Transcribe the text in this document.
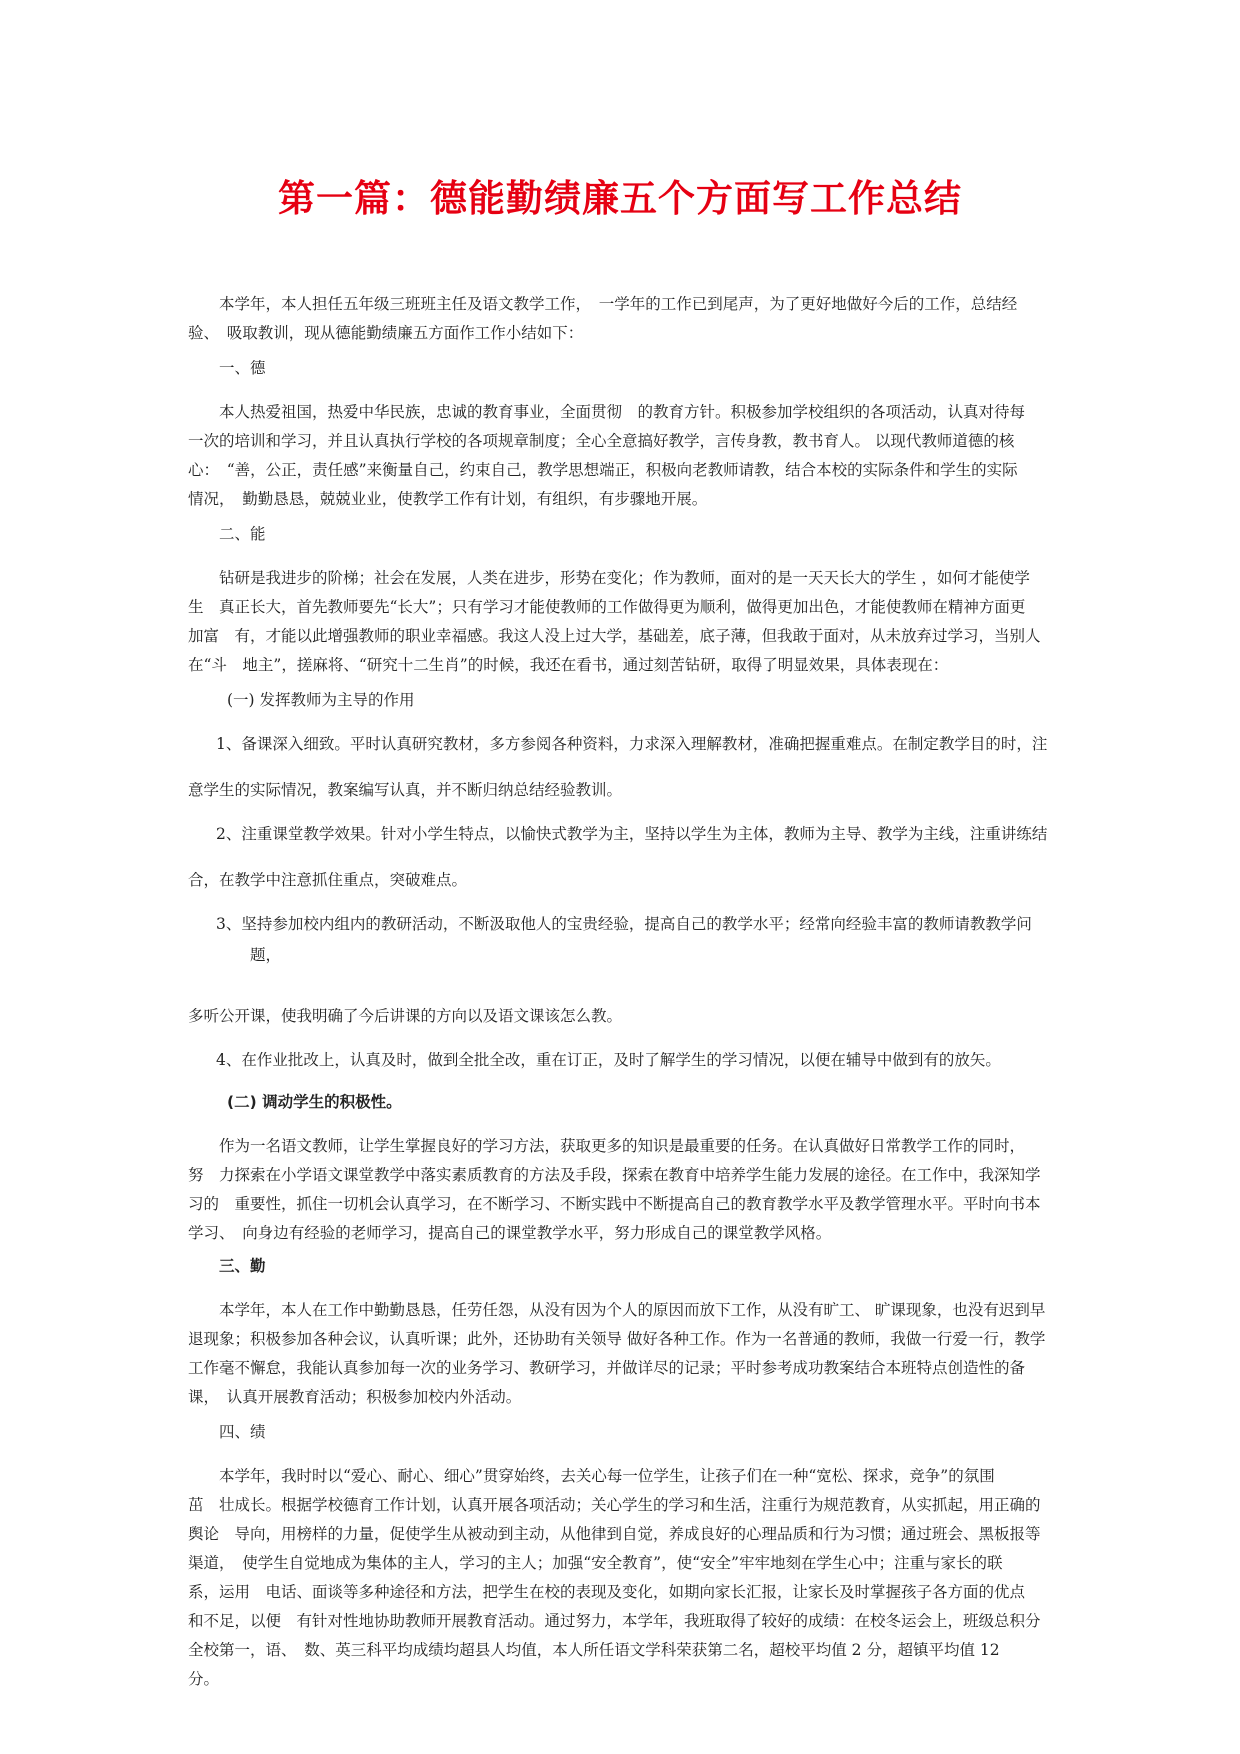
第一篇：德能勤绩廉五个方面写工作总结

本学年，本人担任五年级三班班主任及语文教学工作，　一学年的工作已到尾声，为了更好地做好今后的工作，总结经

验、　吸取教训，现从德能勤绩廉五方面作工作小结如下：

一、德

本人热爱祖国，热爱中华民族，忠诚的教育事业，全面贯彻　的教育方针。积极参加学校组织的各项活动，认真对待每

一次的培训和学习，并且认真执行学校的各项规章制度；全心全意搞好教学，言传身教，教书育人。 以现代教师道德的核

心：　“善，公正，责任感”来衡量自己，约束自己，教学思想端正，积极向老教师请教，结合本校的实际条件和学生的实际

情况，　勤勤恳恳，兢兢业业，使教学工作有计划，有组织，有步骤地开展。

二、能

钻研是我进步的阶梯；社会在发展，人类在进步，形势在变化；作为教师，面对的是一天天长大的学生 ，如何才能使学

生　真正长大，首先教师要先“长大”；只有学习才能使教师的工作做得更为顺利，做得更加出色，才能使教师在精神方面更

加富　有，才能以此增强教师的职业幸福感。我这人没上过大学，基础差，底子薄，但我敢于面对，从未放弃过学习，当别人

在“斗　地主”，搓麻将、“研究十二生肖”的时候，我还在看书，通过刻苦钻研，取得了明显效果，具体表现在：

(一) 发挥教师为主导的作用

1、备课深入细致。平时认真研究教材，多方参阅各种资料，力求深入理解教材，准确把握重难点。在制定教学目的时，注

意学生的实际情况，教案编写认真，并不断归纳总结经验教训。

2、注重课堂教学效果。针对小学生特点，以愉快式教学为主，坚持以学生为主体，教师为主导、教学为主线，注重讲练结

合，在教学中注意抓住重点，突破难点。

3、坚持参加校内组内的教研活动，不断汲取他人的宝贵经验，提高自己的教学水平；经常向经验丰富的教师请教教学问

题，

多听公开课，使我明确了今后讲课的方向以及语文课该怎么教。

4、在作业批改上，认真及时，做到全批全改，重在订正，及时了解学生的学习情况，以便在辅导中做到有的放矢。

(二) 调动学生的积极性。

作为一名语文教师，让学生掌握良好的学习方法，获取更多的知识是最重要的任务。在认真做好日常教学工作的同时，

努　力探索在小学语文课堂教学中落实素质教育的方法及手段，探索在教育中培养学生能力发展的途径。在工作中，我深知学

习的　重要性，抓住一切机会认真学习，在不断学习、不断实践中不断提高自己的教育教学水平及教学管理水平。平时向书本

学习、　向身边有经验的老师学习，提高自己的课堂教学水平，努力形成自己的课堂教学风格。

三、勤

本学年，本人在工作中勤勤恳恳，任劳任怨，从没有因为个人的原因而放下工作，从没有旷工、 旷课现象，也没有迟到早

退现象；积极参加各种会议，认真听课；此外，还协助有关领导 做好各种工作。作为一名普通的教师，我做一行爱一行，教学

工作毫不懈怠，我能认真参加每一次的业务学习、教研学习，并做详尽的记录；平时参考成功教案结合本班特点创造性的备

课，　认真开展教育活动；积极参加校内外活动。

四、绩

本学年，我时时以“爱心、耐心、细心”贯穿始终，去关心每一位学生，让孩子们在一种“宽松、探求，竞争”的氛围

茁　壮成长。根据学校德育工作计划，认真开展各项活动；关心学生的学习和生活，注重行为规范教育，从实抓起，用正确的

舆论　导向，用榜样的力量，促使学生从被动到主动，从他律到自觉，养成良好的心理品质和行为习惯；通过班会、黑板报等

渠道，　使学生自觉地成为集体的主人，学习的主人；加强“安全教育”，使“安全”牢牢地刻在学生心中；注重与家长的联

系，运用　电话、面谈等多种途径和方法，把学生在校的表现及变化，如期向家长汇报，让家长及时掌握孩子各方面的优点

和不足，以便　有针对性地协助教师开展教育活动。通过努力，本学年，我班取得了较好的成绩：在校冬运会上，班级总积分

全校第一，语、　数、英三科平均成绩均超县人均值，本人所任语文学科荣获第二名，超校平均值 2 分，超镇平均值 12

分。
